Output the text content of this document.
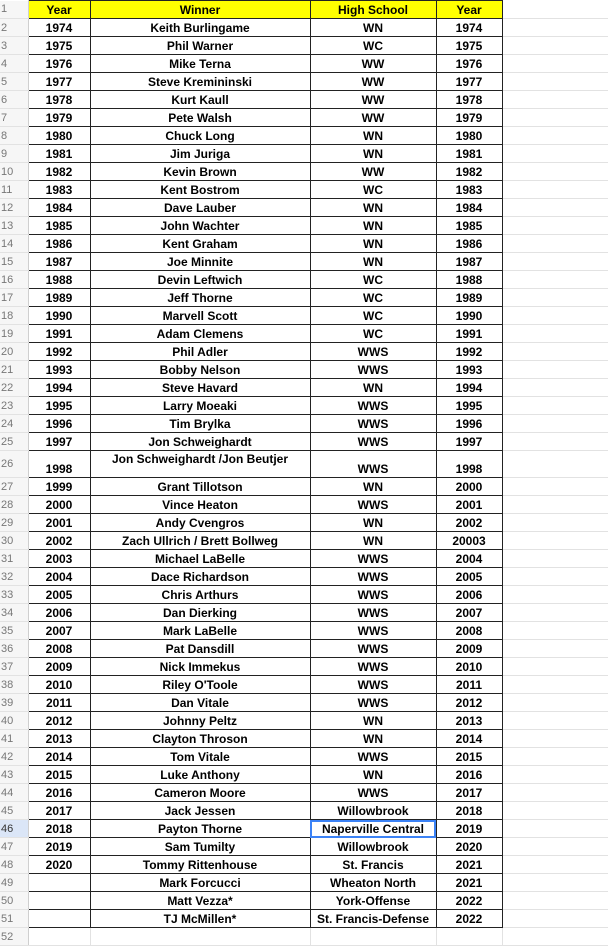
1	Year	Winner	High School	Year	
2	1974	Keith Burlingame	WN	1974	
3	1975	Phil Warner	WC	1975	
4	1976	Mike Terna	WW	1976	
5	1977	Steve Kremininski	WW	1977	
6	1978	Kurt Kaull	WW	1978	
7	1979	Pete Walsh	WW	1979	
8	1980	Chuck Long	WN	1980	
9	1981	Jim Juriga	WN	1981	
10	1982	Kevin Brown	WW	1982	
11	1983	Kent Bostrom	WC	1983	
12	1984	Dave Lauber	WN	1984	
13	1985	John Wachter	WN	1985	
14	1986	Kent Graham	WN	1986	
15	1987	Joe Minnite	WN	1987	
16	1988	Devin Leftwich	WC	1988	
17	1989	Jeff Thorne	WC	1989	
18	1990	Marvell Scott	WC	1990	
19	1991	Adam Clemens	WC	1991	
20	1992	Phil Adler	WWS	1992	
21	1993	Bobby Nelson	WWS	1993	
22	1994	Steve Havard	WN	1994	
23	1995	Larry Moeaki	WWS	1995	
24	1996	Tim Brylka	WWS	1996	
25	1997	Jon Schweighardt	WWS	1997	
26	1998	Jon Schweighardt /Jon Beutjer	WWS	1998	
27	1999	Grant Tillotson	WN	2000	
28	2000	Vince Heaton	WWS	2001	
29	2001	Andy Cvengros	WN	2002	
30	2002	Zach Ullrich / Brett Bollweg	WN	20003	
31	2003	Michael LaBelle	WWS	2004	
32	2004	Dace Richardson	WWS	2005	
33	2005	Chris Arthurs	WWS	2006	
34	2006	Dan Dierking	WWS	2007	
35	2007	Mark LaBelle	WWS	2008	
36	2008	Pat Dansdill	WWS	2009	
37	2009	Nick Immekus	WWS	2010	
38	2010	Riley O'Toole	WWS	2011	
39	2011	Dan Vitale	WWS	2012	
40	2012	Johnny Peltz	WN	2013	
41	2013	Clayton Throson	WN	2014	
42	2014	Tom Vitale	WWS	2015	
43	2015	Luke Anthony	WN	2016	
44	2016	Cameron Moore	WWS	2017	
45	2017	Jack Jessen	Willowbrook	2018	
46	2018	Payton Thorne	Naperville Central	2019	
47	2019	Sam Tumilty	Willowbrook	2020	
48	2020	Tommy Rittenhouse	St. Francis	2021	
49		Mark Forcucci	Wheaton North	2021	
50		Matt Vezza*	York-Offense	2022	
51		TJ McMillen*	St. Francis-Defense	2022	
52					
